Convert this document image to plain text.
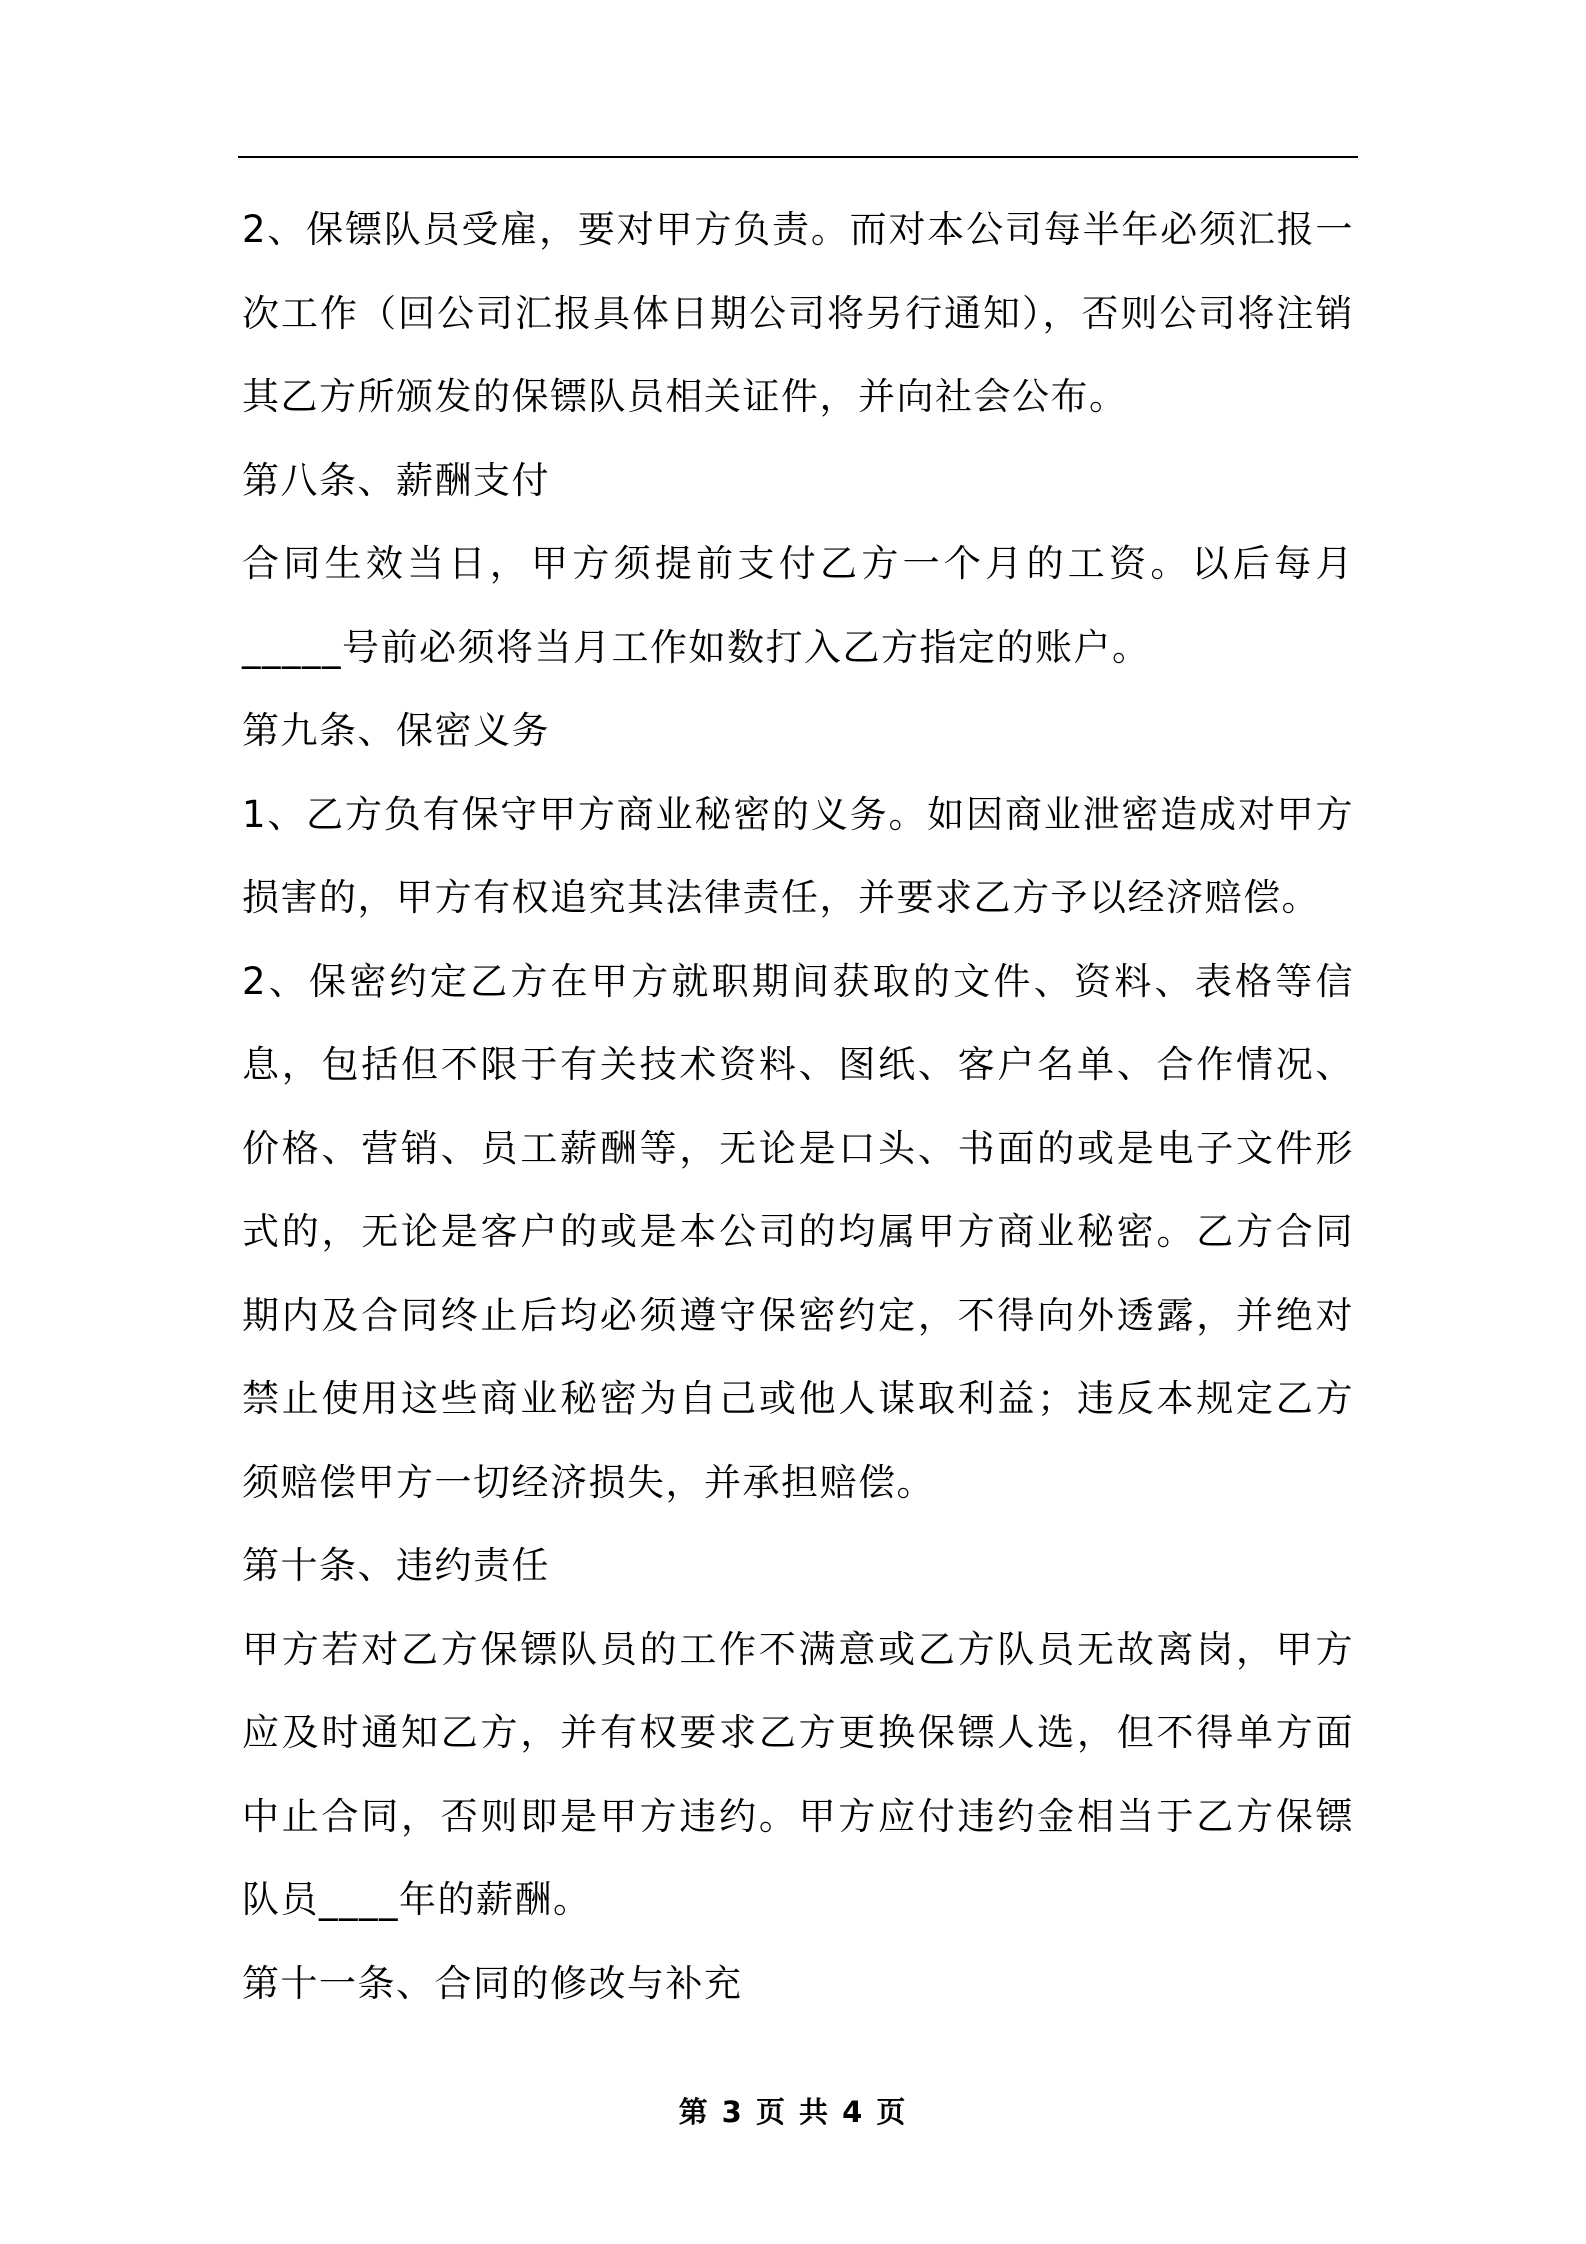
2、保镖队员受雇，要对甲方负责。而对本公司每半年必须汇报一次工作（回公司汇报具体日期公司将另行通知），否则公司将注销其乙方所颁发的保镖队员相关证件，并向社会公布。

第八条、薪酬支付

合同生效当日，甲方须提前支付乙方一个月的工资。以后每月_____号前必须将当月工作如数打入乙方指定的账户。

第九条、保密义务

1、乙方负有保守甲方商业秘密的义务。如因商业泄密造成对甲方损害的，甲方有权追究其法律责任，并要求乙方予以经济赔偿。

2、保密约定乙方在甲方就职期间获取的文件、资料、表格等信息，包括但不限于有关技术资料、图纸、客户名单、合作情况、价格、营销、员工薪酬等，无论是口头、书面的或是电子文件形式的，无论是客户的或是本公司的均属甲方商业秘密。乙方合同期内及合同终止后均必须遵守保密约定，不得向外透露，并绝对禁止使用这些商业秘密为自己或他人谋取利益；违反本规定乙方须赔偿甲方一切经济损失，并承担赔偿。

第十条、违约责任

甲方若对乙方保镖队员的工作不满意或乙方队员无故离岗，甲方应及时通知乙方，并有权要求乙方更换保镖人选，但不得单方面中止合同，否则即是甲方违约。甲方应付违约金相当于乙方保镖队员____年的薪酬。

第十一条、合同的修改与补充

第 3 页 共 4 页
